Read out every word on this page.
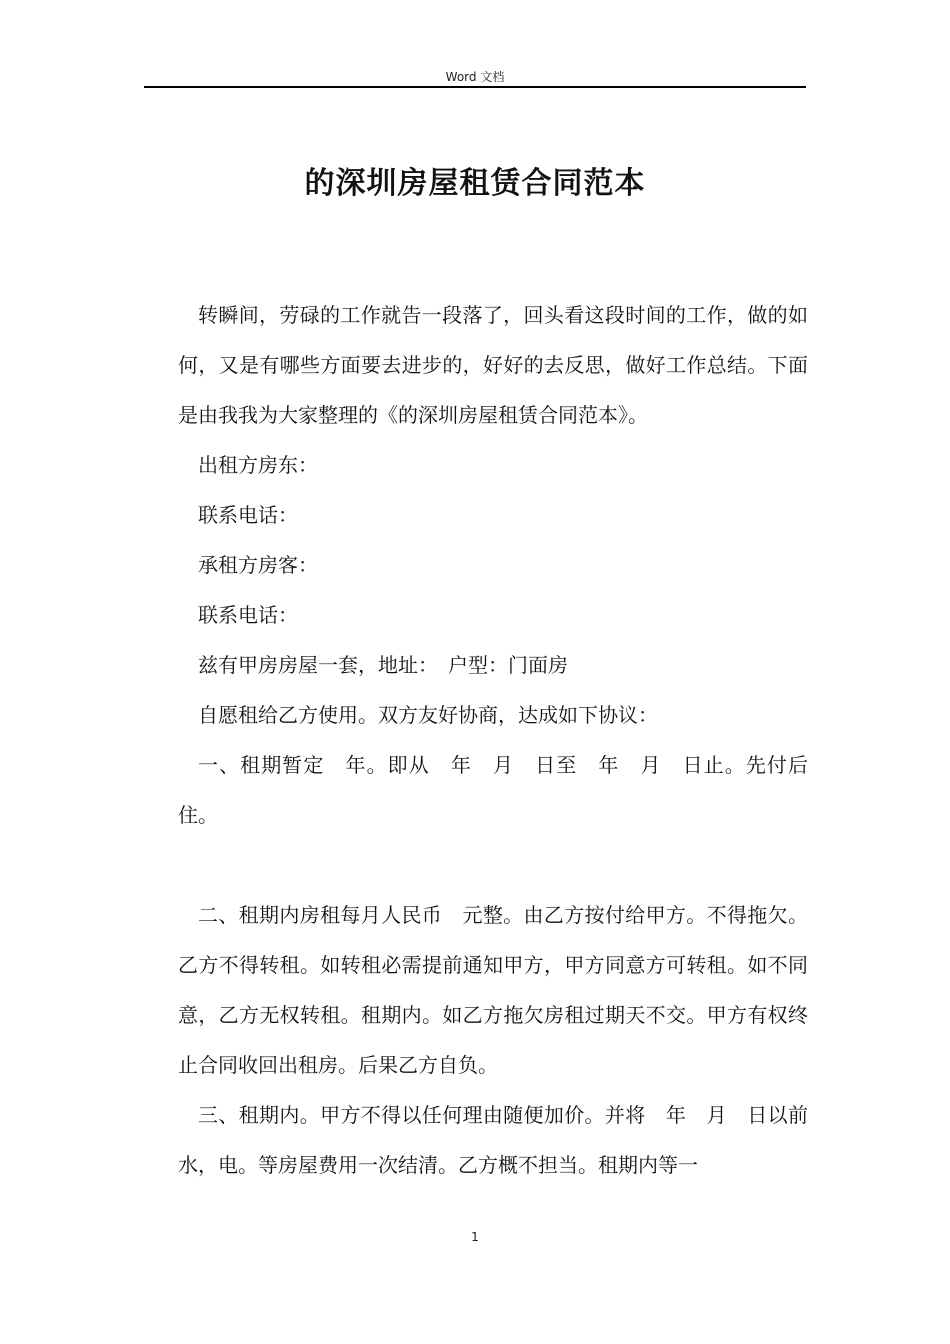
Word 文档
的深圳房屋租赁合同范本

转瞬间，劳碌的工作就告一段落了，回头看这段时间的工作，做的如何，又是有哪些方面要去进步的，好好的去反思，做好工作总结。下面是由我我为大家整理的《的深圳房屋租赁合同范本》。

出租方房东：

联系电话：

承租方房客：

联系电话：

兹有甲房房屋一套，地址：　户型：门面房

自愿租给乙方使用。双方友好协商，达成如下协议：

一、租期暂定　年。即从　年　月　日至　年　月　日止。先付后住。

二、租期内房租每月人民币　元整。由乙方按付给甲方。不得拖欠。乙方不得转租。如转租必需提前通知甲方，甲方同意方可转租。如不同意，乙方无权转租。租期内。如乙方拖欠房租过期天不交。甲方有权终止合同收回出租房。后果乙方自负。

三、租期内。甲方不得以任何理由随便加价。并将　年　月　日以前水，电。等房屋费用一次结清。乙方概不担当。租期内等一

1
